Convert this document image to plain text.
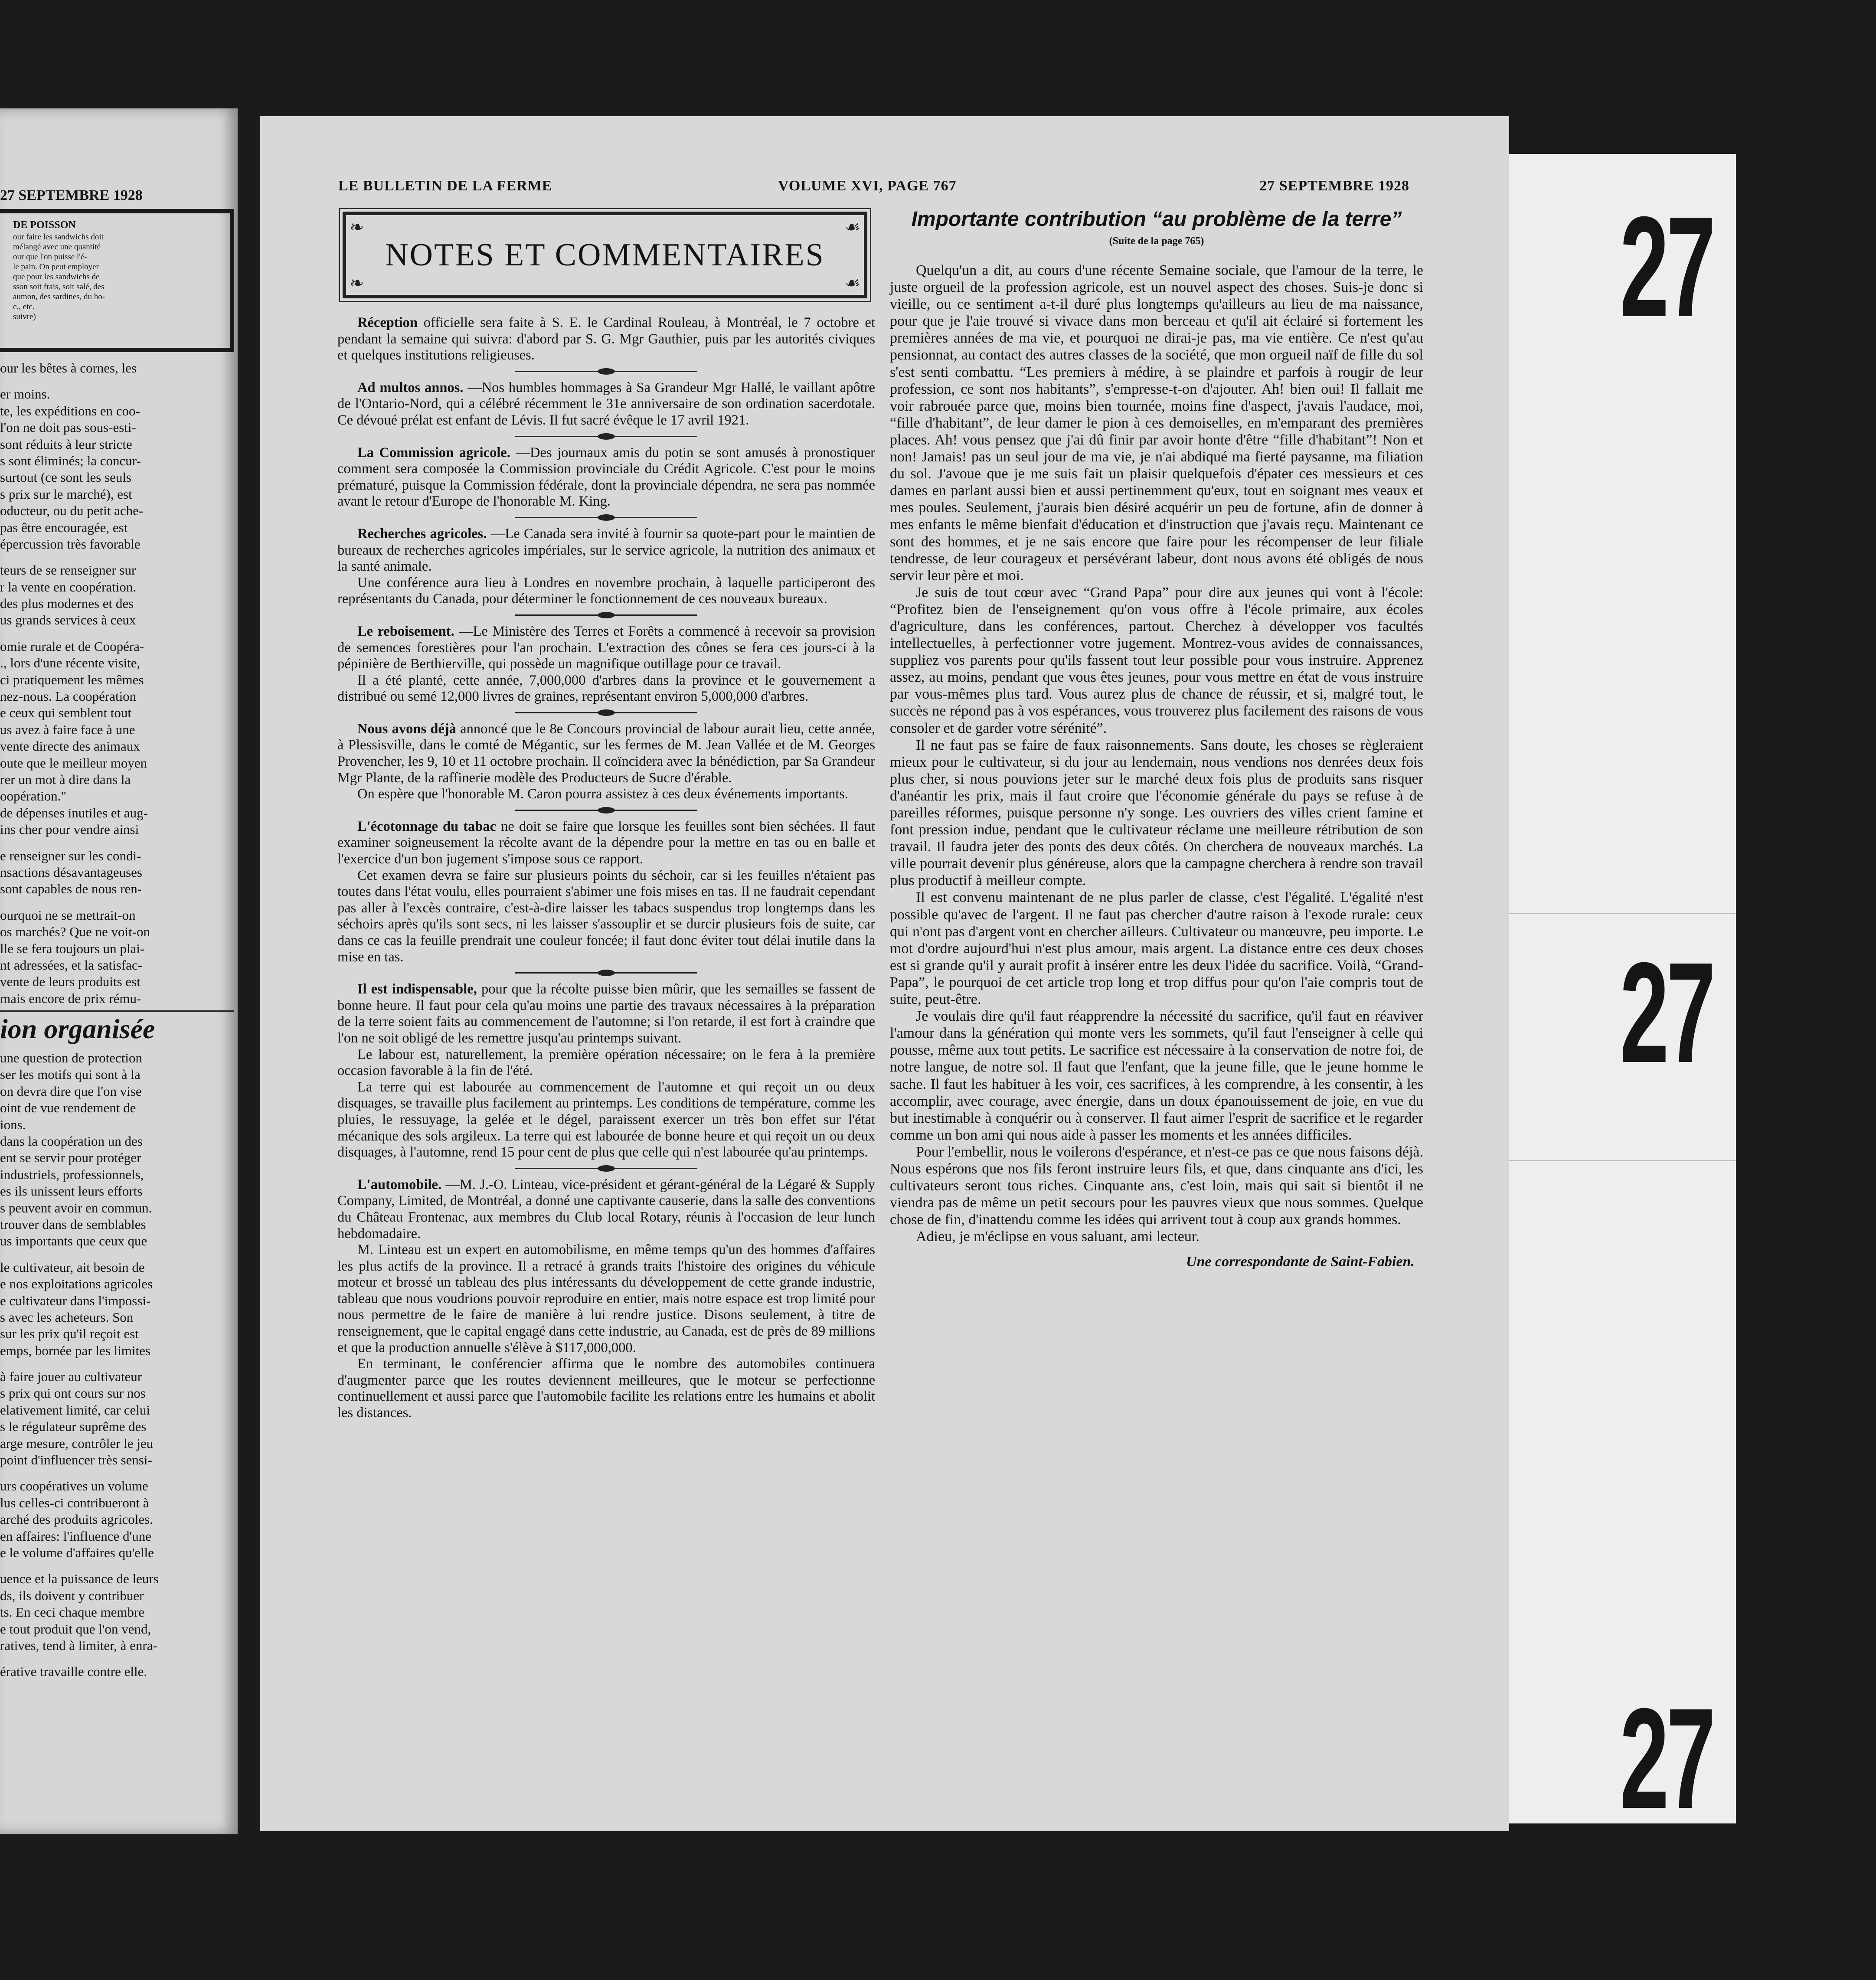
27 SEPTEMBRE 1928
DE POISSON
our faire les sandwichs doit
mélangé avec une quantité
our que l'on puisse l'é-
le pain. On peut employer
que pour les sandwichs de
sson soit frais, soit salé, des
aumon, des sardines, du ho-
c., etc.
suivre)
our les bêtes à cornes, les
er moins.
te, les expéditions en coo-
l'on ne doit pas sous-esti-
sont réduits à leur stricte
s sont éliminés; la concur-
surtout (ce sont les seuls
s prix sur le marché), est
oducteur, ou du petit ache-
pas être encouragée, est
épercussion très favorable
teurs de se renseigner sur
r la vente en coopération.
des plus modernes et des
us grands services à ceux
omie rurale et de Coopéra-
., lors d'une récente visite,
ci pratiquement les mêmes
nez-nous. La coopération
e ceux qui semblent tout
us avez à faire face à une
vente directe des animaux
oute que le meilleur moyen
rer un mot à dire dans la
oopération."
de dépenses inutiles et aug-
ins cher pour vendre ainsi
e renseigner sur les condi-
nsactions désavantageuses
sont capables de nous ren-
ourquoi ne se mettrait-on
os marchés? Que ne voit-on
lle se fera toujours un plai-
nt adressées, et la satisfac-
vente de leurs produits est
mais encore de prix rému-
ion organisée
une question de protection
ser les motifs qui sont à la
on devra dire que l'on vise
oint de vue rendement de
ions.
dans la coopération un des
ent se servir pour protéger
industriels, professionnels,
es ils unissent leurs efforts
s peuvent avoir en commun.
trouver dans de semblables
us importants que ceux que
le cultivateur, ait besoin de
e nos exploitations agricoles
e cultivateur dans l'impossi-
s avec les acheteurs. Son
sur les prix qu'il reçoit est
emps, bornée par les limites
à faire jouer au cultivateur
s prix qui ont cours sur nos
elativement limité, car celui
s le régulateur suprême des
arge mesure, contrôler le jeu
point d'influencer très sensi-
urs coopératives un volume
lus celles-ci contribueront à
arché des produits agricoles.
en affaires: l'influence d'une
e le volume d'affaires qu'elle
uence et la puissance de leurs
ds, ils doivent y contribuer
ts. En ceci chaque membre
e tout produit que l'on vend,
ratives, tend à limiter, à enra-
érative travaille contre elle.
LE BULLETIN DE LA FERME	VOLUME XVI, PAGE 767	27 SEPTEMBRE 1928
❧	☙
❧	☙
NOTES ET COMMENTAIRES

Réception officielle sera faite à S. E. le Cardinal Rouleau, à Montréal, le 7 octobre et pendant la semaine qui suivra: d'abord par S. G. Mgr Gauthier, puis par les autorités civiques et quelques institutions religieuses.

Ad multos annos. —Nos humbles hommages à Sa Grandeur Mgr Hallé, le vaillant apôtre de l'Ontario-Nord, qui a célébré récemment le 31e anniversaire de son ordination sacerdotale. Ce dévoué prélat est enfant de Lévis. Il fut sacré évêque le 17 avril 1921.

La Commission agricole. —Des journaux amis du potin se sont amusés à pronostiquer comment sera composée la Commission provinciale du Crédit Agricole. C'est pour le moins prématuré, puisque la Commission fédérale, dont la provinciale dépendra, ne sera pas nommée avant le retour d'Europe de l'honorable M. King.

Recherches agricoles. —Le Canada sera invité à fournir sa quote-part pour le maintien de bureaux de recherches agricoles impériales, sur le service agricole, la nutrition des animaux et la santé animale.

Une conférence aura lieu à Londres en novembre prochain, à laquelle participeront des représentants du Canada, pour déterminer le fonctionnement de ces nouveaux bureaux.

Le reboisement. —Le Ministère des Terres et Forêts a commencé à recevoir sa provision de semences forestières pour l'an prochain. L'extraction des cônes se fera ces jours-ci à la pépinière de Berthierville, qui possède un magnifique outillage pour ce travail.

Il a été planté, cette année, 7,000,000 d'arbres dans la province et le gouvernement a distribué ou semé 12,000 livres de graines, représentant environ 5,000,000 d'arbres.

Nous avons déjà annoncé que le 8e Concours provincial de labour aurait lieu, cette année, à Plessisville, dans le comté de Mégantic, sur les fermes de M. Jean Vallée et de M. Georges Provencher, les 9, 10 et 11 octobre prochain. Il coïncidera avec la bénédiction, par Sa Grandeur Mgr Plante, de la raffinerie modèle des Producteurs de Sucre d'érable.

On espère que l'honorable M. Caron pourra assistez à ces deux événements importants.

L'écotonnage du tabac ne doit se faire que lorsque les feuilles sont bien séchées. Il faut examiner soigneusement la récolte avant de la dépendre pour la mettre en tas ou en balle et l'exercice d'un bon jugement s'impose sous ce rapport.

Cet examen devra se faire sur plusieurs points du séchoir, car si les feuilles n'étaient pas toutes dans l'état voulu, elles pourraient s'abimer une fois mises en tas. Il ne faudrait cependant pas aller à l'excès contraire, c'est-à-dire laisser les tabacs suspendus trop longtemps dans les séchoirs après qu'ils sont secs, ni les laisser s'assouplir et se durcir plusieurs fois de suite, car dans ce cas la feuille prendrait une couleur foncée; il faut donc éviter tout délai inutile dans la mise en tas.

Il est indispensable, pour que la récolte puisse bien mûrir, que les semailles se fassent de bonne heure. Il faut pour cela qu'au moins une partie des travaux nécessaires à la préparation de la terre soient faits au commencement de l'automne; si l'on retarde, il est fort à craindre que l'on ne soit obligé de les remettre jusqu'au printemps suivant.

Le labour est, naturellement, la première opération nécessaire; on le fera à la première occasion favorable à la fin de l'été.

La terre qui est labourée au commencement de l'automne et qui reçoit un ou deux disquages, se travaille plus facilement au printemps. Les conditions de température, comme les pluies, le ressuyage, la gelée et le dégel, paraissent exercer un très bon effet sur l'état mécanique des sols argileux. La terre qui est labourée de bonne heure et qui reçoit un ou deux disquages, à l'automne, rend 15 pour cent de plus que celle qui n'est labourée qu'au printemps.

L'automobile. —M. J.-O. Linteau, vice-président et gérant-général de la Légaré & Supply Company, Limited, de Montréal, a donné une captivante causerie, dans la salle des conventions du Château Frontenac, aux membres du Club local Rotary, réunis à l'occasion de leur lunch hebdomadaire.

M. Linteau est un expert en automobilisme, en même temps qu'un des hommes d'affaires les plus actifs de la province. Il a retracé à grands traits l'histoire des origines du véhicule moteur et brossé un tableau des plus intéressants du développement de cette grande industrie, tableau que nous voudrions pouvoir reproduire en entier, mais notre espace est trop limité pour nous permettre de le faire de manière à lui rendre justice. Disons seulement, à titre de renseignement, que le capital engagé dans cette industrie, au Canada, est de près de 89 millions et que la production annuelle s'élève à $117,000,000.

En terminant, le conférencier affirma que le nombre des automobiles continuera d'augmenter parce que les routes deviennent meilleures, que le moteur se perfectionne continuellement et aussi parce que l'automobile facilite les relations entre les humains et abolit les distances.

Importante contribution “au problème de la terre”
(Suite de la page 765)

Quelqu'un a dit, au cours d'une récente Semaine sociale, que l'amour de la terre, le juste orgueil de la profession agricole, est un nouvel aspect des choses. Suis-je donc si vieille, ou ce sentiment a-t-il duré plus longtemps qu'ailleurs au lieu de ma naissance, pour que je l'aie trouvé si vivace dans mon berceau et qu'il ait éclairé si fortement les premières années de ma vie, et pourquoi ne dirai-je pas, ma vie entière. Ce n'est qu'au pensionnat, au contact des autres classes de la société, que mon orgueil naïf de fille du sol s'est senti combattu. “Les premiers à médire, à se plaindre et parfois à rougir de leur profession, ce sont nos habitants”, s'empresse-t-on d'ajouter. Ah! bien oui! Il fallait me voir rabrouée parce que, moins bien tournée, moins fine d'aspect, j'avais l'audace, moi, “fille d'habitant”, de leur damer le pion à ces demoiselles, en m'emparant des premières places. Ah! vous pensez que j'ai dû finir par avoir honte d'être “fille d'habitant”! Non et non! Jamais! pas un seul jour de ma vie, je n'ai abdiqué ma fierté paysanne, ma filiation du sol. J'avoue que je me suis fait un plaisir quelquefois d'épater ces messieurs et ces dames en parlant aussi bien et aussi pertinemment qu'eux, tout en soignant mes veaux et mes poules. Seulement, j'aurais bien désiré acquérir un peu de fortune, afin de donner à mes enfants le même bienfait d'éducation et d'instruction que j'avais reçu. Maintenant ce sont des hommes, et je ne sais encore que faire pour les récompenser de leur filiale tendresse, de leur courageux et persévérant labeur, dont nous avons été obligés de nous servir leur père et moi.

Je suis de tout cœur avec “Grand Papa” pour dire aux jeunes qui vont à l'école: “Profitez bien de l'enseignement qu'on vous offre à l'école primaire, aux écoles d'agriculture, dans les conférences, partout. Cherchez à développer vos facultés intellectuelles, à perfectionner votre jugement. Montrez-vous avides de connaissances, suppliez vos parents pour qu'ils fassent tout leur possible pour vous instruire. Apprenez assez, au moins, pendant que vous êtes jeunes, pour vous mettre en état de vous instruire par vous-mêmes plus tard. Vous aurez plus de chance de réussir, et si, malgré tout, le succès ne répond pas à vos espérances, vous trouverez plus facilement des raisons de vous consoler et de garder votre sérénité”.

Il ne faut pas se faire de faux raisonnements. Sans doute, les choses se règleraient mieux pour le cultivateur, si du jour au lendemain, nous vendions nos denrées deux fois plus cher, si nous pouvions jeter sur le marché deux fois plus de produits sans risquer d'anéantir les prix, mais il faut croire que l'économie générale du pays se refuse à de pareilles réformes, puisque personne n'y songe. Les ouvriers des villes crient famine et font pression indue, pendant que le cultivateur réclame une meilleure rétribution de son travail. Il faudra jeter des ponts des deux côtés. On cherchera de nouveaux marchés. La ville pourrait devenir plus généreuse, alors que la campagne cherchera à rendre son travail plus productif à meilleur compte.

Il est convenu maintenant de ne plus parler de classe, c'est l'égalité. L'égalité n'est possible qu'avec de l'argent. Il ne faut pas chercher d'autre raison à l'exode rurale: ceux qui n'ont pas d'argent vont en chercher ailleurs. Cultivateur ou manœuvre, peu importe. Le mot d'ordre aujourd'hui n'est plus amour, mais argent. La distance entre ces deux choses est si grande qu'il y aurait profit à insérer entre les deux l'idée du sacrifice. Voilà, “Grand-Papa”, le pourquoi de cet article trop long et trop diffus pour qu'on l'aie compris tout de suite, peut-être.

Je voulais dire qu'il faut réapprendre la nécessité du sacrifice, qu'il faut en réaviver l'amour dans la génération qui monte vers les sommets, qu'il faut l'enseigner à celle qui pousse, même aux tout petits. Le sacrifice est nécessaire à la conservation de notre foi, de notre langue, de notre sol. Il faut que l'enfant, que la jeune fille, que le jeune homme le sache. Il faut les habituer à les voir, ces sacrifices, à les comprendre, à les consentir, à les accomplir, avec courage, avec énergie, dans un doux épanouissement de joie, en vue du but inestimable à conquérir ou à conserver. Il faut aimer l'esprit de sacrifice et le regarder comme un bon ami qui nous aide à passer les moments et les années difficiles.

Pour l'embellir, nous le voilerons d'espérance, et n'est-ce pas ce que nous faisons déjà. Nous espérons que nos fils feront instruire leurs fils, et que, dans cinquante ans d'ici, les cultivateurs seront tous riches. Cinquante ans, c'est loin, mais qui sait si bientôt il ne viendra pas de même un petit secours pour les pauvres vieux que nous sommes. Quelque chose de fin, d'inattendu comme les idées qui arrivent tout à coup aux grands hommes.

Adieu, je m'éclipse en vous saluant, ami lecteur.

Une correspondante de Saint-Fabien.
27
27
27
